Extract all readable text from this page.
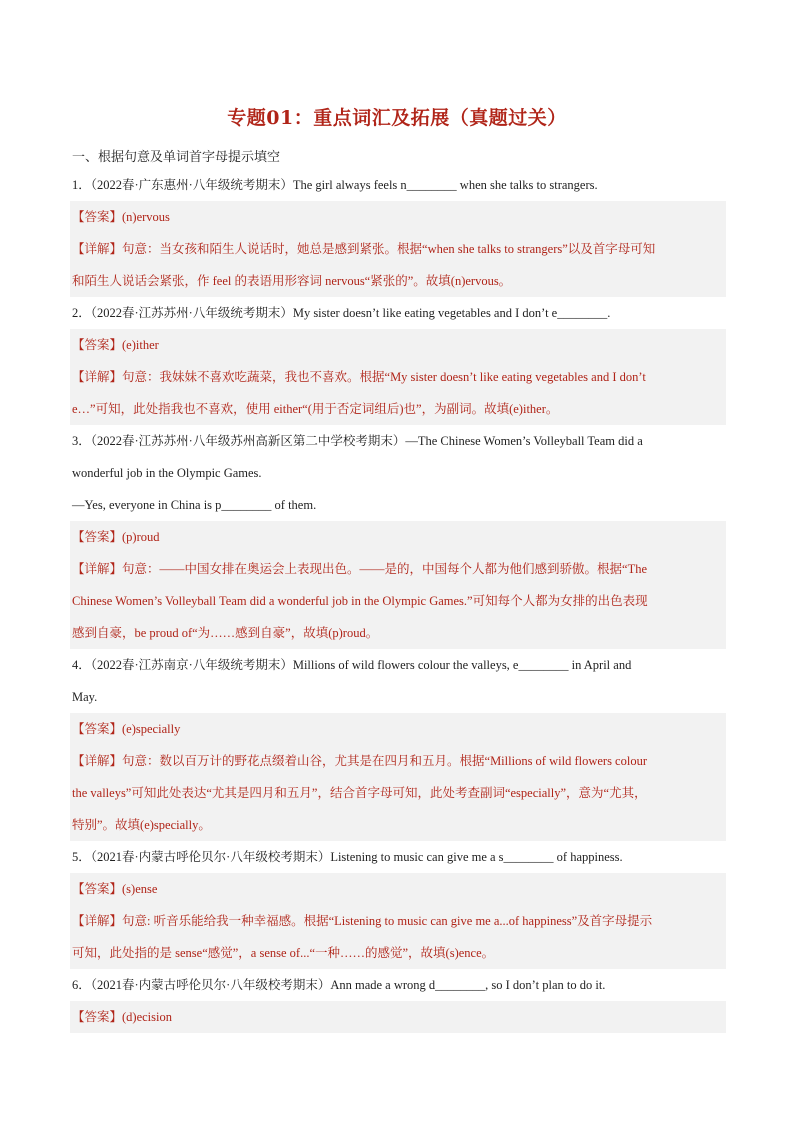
专题01：重点词汇及拓展（真题过关）
一、根据句意及单词首字母提示填空
1．（2022春·广东惠州·八年级统考期末）The girl always feels n________ when she talks to strangers.
【答案】(n)ervous
【详解】句意：当女孩和陌生人说话时，她总是感到紧张。根据“when she talks to strangers”以及首字母可知
和陌生人说话会紧张，作 feel 的表语用形容词 nervous“紧张的”。故填(n)ervous。
2．（2022春·江苏苏州·八年级统考期末）My sister doesn’t like eating vegetables and I don’t e________.
【答案】(e)ither
【详解】句意：我妹妹不喜欢吃蔬菜，我也不喜欢。根据“My sister doesn’t like eating vegetables and I don’t
e…”可知，此处指我也不喜欢，使用 either“(用于否定词组后)也”，为副词。故填(e)ither。
3．（2022春·江苏苏州·八年级苏州高新区第二中学校考期末）—The Chinese Women’s Volleyball Team did a
wonderful job in the Olympic Games.
—Yes, everyone in China is p________ of them.
【答案】(p)roud
【详解】句意：——中国女排在奥运会上表现出色。——是的，中国每个人都为他们感到骄傲。根据“The
Chinese Women’s Volleyball Team did a wonderful job in the Olympic Games.”可知每个人都为女排的出色表现
感到自豪，be proud of“为……感到自豪”，故填(p)roud。
4．（2022春·江苏南京·八年级统考期末）Millions of wild flowers colour the valleys, e________ in April and
May.
【答案】(e)specially
【详解】句意：数以百万计的野花点缀着山谷，尤其是在四月和五月。根据“Millions of wild flowers colour
the valleys”可知此处表达“尤其是四月和五月”，结合首字母可知，此处考查副词“especially”，意为“尤其，
特别”。故填(e)specially。
5．（2021春·内蒙古呼伦贝尔·八年级校考期末）Listening to music can give me a s________ of happiness.
【答案】(s)ense
【详解】句意: 听音乐能给我一种幸福感。根据“Listening to music can give me a...of happiness”及首字母提示
可知，此处指的是 sense“感觉”，a sense of...“一种……的感觉”，故填(s)ence。
6．（2021春·内蒙古呼伦贝尔·八年级校考期末）Ann made a wrong d________, so I don’t plan to do it.
【答案】(d)ecision
